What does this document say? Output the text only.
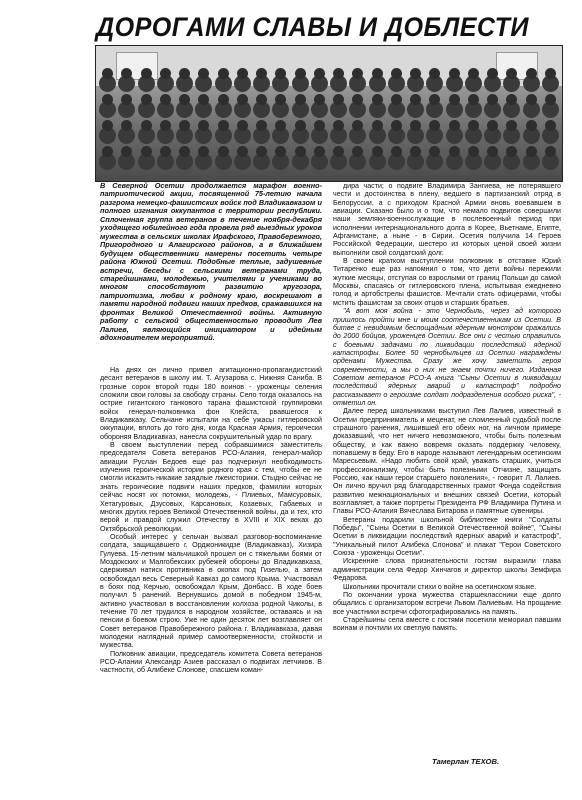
ДОРОГАМИ СЛАВЫ И ДОБЛЕСТИ

В Северной Осетии продолжается марафон военно-патриотической акции, посвященной 75-летию начала разгрома немецко-фашистских войск под Владикавказом и полного изгнания оккупантов с территории республики. Сплоченная группа ветеранов в течение ноября-декабря уходящего юбилейного года провела ряд выездных уроков мужества в сельских школах Ирафского, Правобережного, Пригородного и Алагирского районов, а в ближайшем будущем общественники намерены посетить четыре района Южной Осетии. Подобные теплые, задушевные встречи, беседы с сельскими ветеранами труда, старейшинами, молодежью, учителями и учениками во многом способствуют развитию кругозора, патриотизма, любви к родному краю, воскрешают в памяти народной подвиги наших предков, сражавшихся на фронтах Великой Отечественной войны. Активную работу с сельской общественностью проводит Лев Лалиев, являющийся инициатором и идейным вдохновителем мероприятий.

На днях он лично привел агитационно-пропагандистский десант ветеранов в школу им. Т. Агузарова с. Нижняя Саниба. В грозные сорок второй годы 180 воинов - уроженцы селения сложили свои головы за свободу страны. Село тогда оказалось на острие гигантского танкового тарана фашистской группировки войск генерал-полковника фон Клейста, рвавшегося к Владикавказу. Сельчане испытали на себе ужасы гитлеровской оккупации, вплоть до того дня, когда Красная Армия, героически обороняя Владикавказ, нанесла сокрушительный удар по врагу.

В своем выступлении перед собравшимися заместитель председателя Совета ветеранов РСО-Алания, генерал-майор авиации Руслан Бедоев еще раз подчеркнул необходимость изучения героической истории родного края с тем, чтобы ее не смогли исказить никакие заядлые лжеисторики. Стыдно сейчас не знать героические подвиги наших предков, фамилии которых сейчас носят их потомки, молодежь, - Плиевых, Мамсуровых, Хетагуровых, Дзусовых, Карсановых, Козаевых, Габаевых и многих других героев Великой Отечественной войны, да и тех, кто верой и правдой служил Отечеству в XVIII и XIX веках до Октябрьской революции.

Особый интерес у сельчан вызвал разговор-воспоминание солдата, защищавшего г. Орджоникидзе (Владикавказ), Хизира Гулуева. 15-летним мальчишкой прошел он с тяжелыми боями от Моздокских и Малгобекских рубежей обороны до Владикавказа, сдерживал натиск противника в окопах под Гизелью, а затем освобождал весь Северный Кавказ до самого Крыма. Участвовал в боях под Керчью, освобождал Крым, Донбасс. В ходе боев получил 5 ранений. Вернувшись домой в победном 1945-м, активно участвовал в восстановлении колхоза родной Чиколы, в течение 70 лет трудился в народном хозяйстве, оставаясь и на пенсии в боевом строю. Уже не один десяток лет возглавляет он Совет ветеранов Правобережного района г. Владикавказа, давая молодежи наглядный пример самоотверженности, стойкости и мужества.

Полковник авиации, председатель комитета Совета ветеранов РСО-Алании Александр Азиев рассказал о подвигах летчиков. В частности, об Алибеке Слонове, спасшем коман-

дира части; о подвиге Владимира Зангиева, не потерявшего чести и достоинства в плену, ведшего в партизанский отряд в Белоруссии, а с приходом Красной Армии вновь воевавшем в авиации. Сказано было и о том, что немало подвигов совершили наши земляки-военнослужащие в послевоенный период при исполнении интернационального долга в Корее, Вьетнаме, Египте, Афганистане, а ныне - в Сирии. Осетия получила 14 Героев Российской Федерации, шестеро из которых ценой своей жизни выполнили свой солдатский долг.

В своем кратком выступлении полковник в отставке Юрий Титаренко еще раз напомнил о том, что дети войны пережили жуткие месяцы, отступая со взрослыми от границ Польши до самой Москвы, спасаясь от гитлеровского плена, испытывая ежедневно голод и артобстрелы фашистов. Мечтали стать офицерами, чтобы мстить фашистам за своих отцов и старших братьев.

"А вот моя война - это Чернобыль, через ад которого пришлось пройти мне и моим соотечественникам из Осетии. В битве с невидимым беспощадным ядерным монстром сражались до 2000 бойцов, уроженцев Осетии. Все они с честью справились с боевыми задачами по ликвидации последствий ядерной катастрофы. Более 50 чернобыльцев из Осетии награждены орденами Мужества. Сразу же хочу заметить героя современности, а мы о них не знаем почти ничего. Изданная Советом ветеранов РСО-А книга "Сыны Осетии в ликвидации последствий ядерных аварий и катастроф" подробно рассказывает о героизме солдат подразделения особого риска", - отметил он.

Далее перед школьниками выступил Лев Лалиев, известный в Осетии предприниматель и меценат, не сломленный судьбой после страшного ранения, лишившей его обеих ног, на личном примере доказавший, что нет ничего невозможного, чтобы быть полезным обществу, и как важно вовремя оказать поддержку человеку, попавшему в беду. Его в народе называют легендарным осетинским Маресьевым. «Надо любить свой край, уважать старших, учиться профессионализму, чтобы быть полезными Отчизне, защищать Россию, как наши герои старшего поколения», - говорит Л. Лалиев. Он лично вручил ряд благодарственных грамот Фонда содействия развитию межнациональных и внешних связей Осетии, который возглавляет, а также портреты Президента РФ Владимира Путина и Главы РСО-Алания Вячеслава Битарова и памятные сувениры.

Ветераны подарили школьной библиотеке книги "Солдаты Победы", "Сыны Осетии в Великой Отечественной войне", "Сыны Осетии в ликвидации последствий ядерных аварий и катастроф", "Уникальный пилот Алибека Слонова" и плакат "Герои Советского Союза - уроженцы Осетии".

Искренние слова признательности гостям выразили глава администрации села Федор Хинчагов и директор школы Земфира Федарова.

Школьники прочитали стихи о войне на осетинском языке.

По окончании урока мужества старшеклассники еще долго общались с организатором встречи Львом Лалиевым. На прощание все участники встречи сфотографировались на память.

Старейшины села вместе с гостями посетили мемориал павшим воинам и почтили их светлую память.

Тамерлан ТЕХОВ.
